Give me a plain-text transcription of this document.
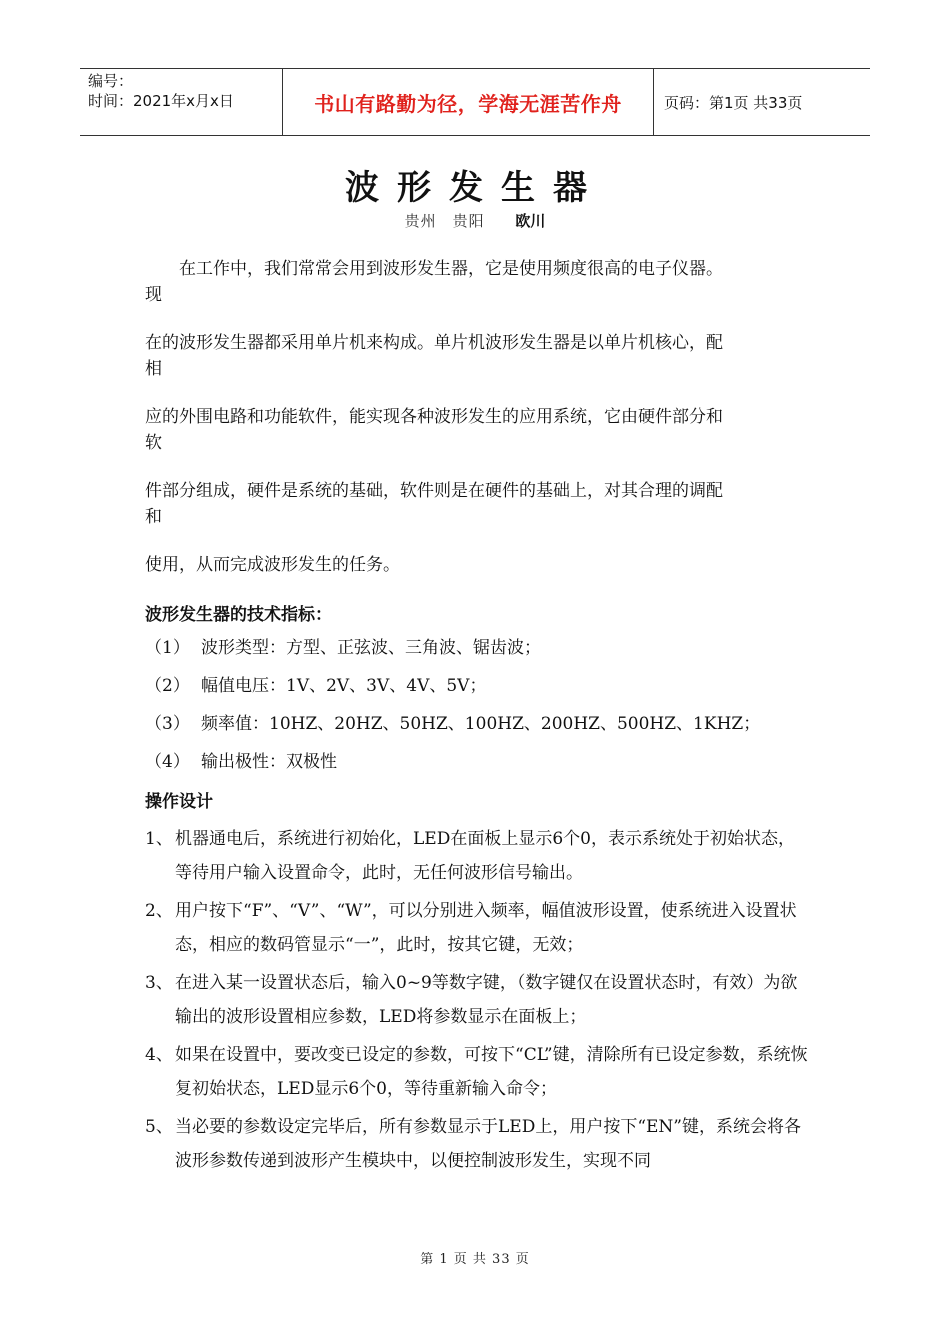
编号：
时间：2021年x月x日	书山有路勤为径，学海无涯苦作舟	页码：第1页 共33页
波形发生器
贵州　贵阳 欧川
在工作中，我们常常会用到波形发生器，它是使用频度很高的电子仪器。
现
在的波形发生器都采用单片机来构成。单片机波形发生器是以单片机核心，配
相
应的外围电路和功能软件，能实现各种波形发生的应用系统，它由硬件部分和
软
件部分组成，硬件是系统的基础，软件则是在硬件的基础上，对其合理的调配
和
使用，从而完成波形发生的任务。
波形发生器的技术指标：
（1） 波形类型：方型、正弦波、三角波、锯齿波；
（2） 幅值电压：1V、2V、3V、4V、5V；
（3） 频率值：10HZ、20HZ、50HZ、100HZ、200HZ、500HZ、1KHZ；
（4） 输出极性：双极性
操作设计
1、 机器通电后，系统进行初始化，LED在面板上显示6个0，表示系统处于初始状态，等待用户输入设置命令，此时，无任何波形信号输出。
2、 用户按下“F”、“V”、“W”，可以分别进入频率，幅值波形设置，使系统进入设置状态，相应的数码管显示“一”，此时，按其它键，无效；
3、 在进入某一设置状态后，输入0~9等数字键，（数字键仅在设置状态时，有效）为欲输出的波形设置相应参数，LED将参数显示在面板上；
4、 如果在设置中，要改变已设定的参数，可按下“CL”键，清除所有已设定参数，系统恢复初始状态，LED显示6个0，等待重新输入命令；
5、 当必要的参数设定完毕后，所有参数显示于LED上，用户按下“EN”键，系统会将各波形参数传递到波形产生模块中，以便控制波形发生，实现不同
第 1 页 共 33 页
